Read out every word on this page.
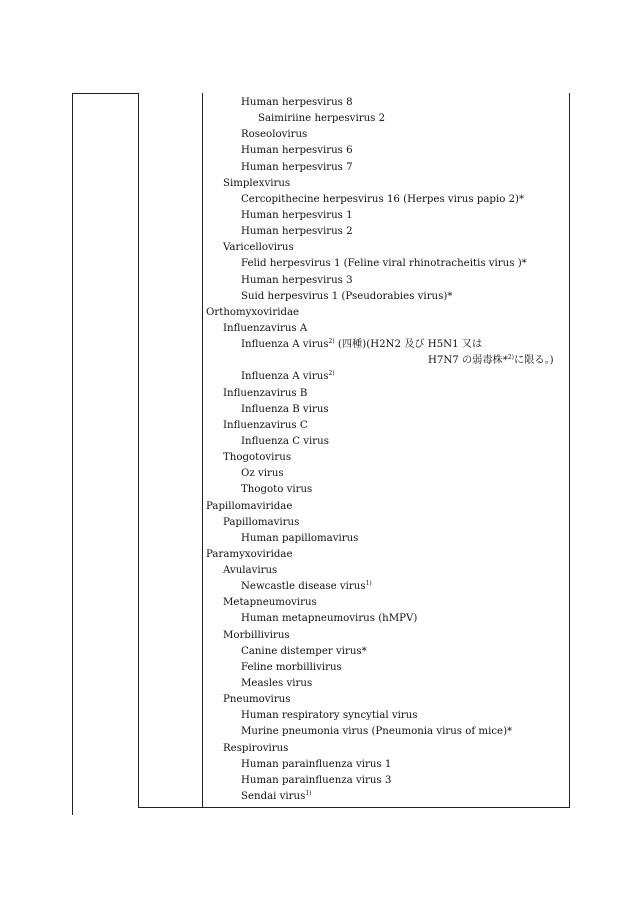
Human herpesvirus 8
Saimiriine herpesvirus 2
Roseolovirus
Human herpesvirus 6
Human herpesvirus 7
Simplexvirus
Cercopithecine herpesvirus 16 (Herpes virus papio 2)*
Human herpesvirus 1
Human herpesvirus 2
Varicellovirus
Felid herpesvirus 1 (Feline viral rhinotracheitis virus )*
Human herpesvirus 3
Suid herpesvirus 1 (Pseudorabies virus)*
Orthomyxoviridae
Influenzavirus A
Influenza A virus$^{2)}$ (四種)(H2N2 及び H5N1 又は
H7N7 の弱毒株*$^{2)}$に限る。)
Influenza A virus$^{2)}$
Influenzavirus B
Influenza B virus
Influenzavirus C
Influenza C virus
Thogotovirus
Oz virus
Thogoto virus
Papillomaviridae
Papillomavirus
Human papillomavirus
Paramyxoviridae
Avulavirus
Newcastle disease virus$^{1)}$
Metapneumovirus
Human metapneumovirus (hMPV)
Morbillivirus
Canine distemper virus*
Feline morbillivirus
Measles virus
Pneumovirus
Human respiratory syncytial virus
Murine pneumonia virus (Pneumonia virus of mice)*
Respirovirus
Human parainfluenza virus 1
Human parainfluenza virus 3
Sendai virus$^{1)}$
